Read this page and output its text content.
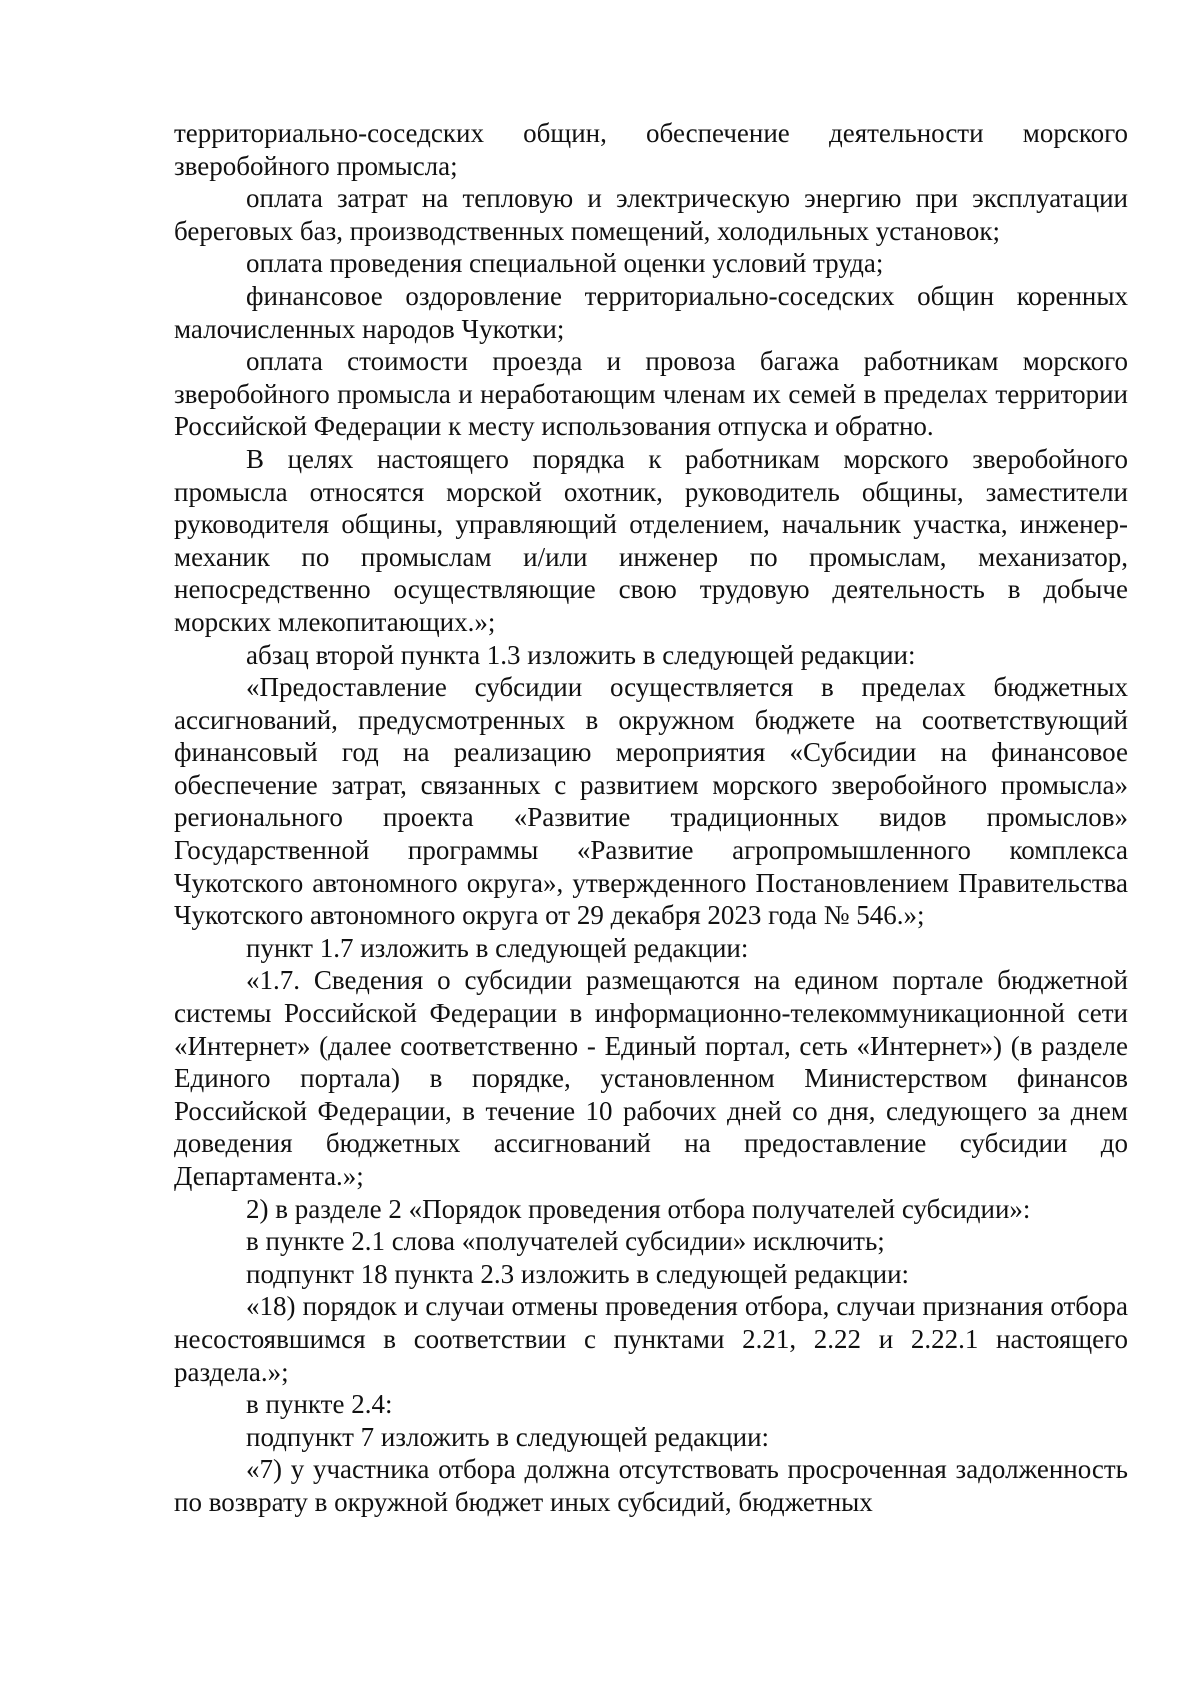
территориально-соседских общин, обеспечение деятельности морского зверобойного промысла;

оплата затрат на тепловую и электрическую энергию при эксплуатации береговых баз, производственных помещений, холодильных установок;

оплата проведения специальной оценки условий труда;

финансовое оздоровление территориально-соседских общин коренных малочисленных народов Чукотки;

оплата стоимости проезда и провоза багажа работникам морского зверобойного промысла и неработающим членам их семей в пределах территории Российской Федерации к месту использования отпуска и обратно.

В целях настоящего порядка к работникам морского зверобойного промысла относятся морской охотник, руководитель общины, заместители руководителя общины, управляющий отделением, начальник участка, инженер-механик по промыслам и/или инженер по промыслам, механизатор, непосредственно осуществляющие свою трудовую деятельность в добыче морских млекопитающих.»;

абзац второй пункта 1.3 изложить в следующей редакции:

«Предоставление субсидии осуществляется в пределах бюджетных ассигнований, предусмотренных в окружном бюджете на соответствующий финансовый год на реализацию мероприятия «Субсидии на финансовое обеспечение затрат, связанных с развитием морского зверобойного промысла» регионального проекта «Развитие традиционных видов промыслов» Государственной программы «Развитие агропромышленного комплекса Чукотского автономного округа», утвержденного Постановлением Правительства Чукотского автономного округа от 29 декабря 2023 года № 546.»;

пункт 1.7 изложить в следующей редакции:

«1.7. Сведения о субсидии размещаются на едином портале бюджетной системы Российской Федерации в информационно-телекоммуникационной сети «Интернет» (далее соответственно - Единый портал, сеть «Интернет») (в разделе Единого портала) в порядке, установленном Министерством финансов Российской Федерации, в течение 10 рабочих дней со дня, следующего за днем доведения бюджетных ассигнований на предоставление субсидии до Департамента.»;

2) в разделе 2 «Порядок проведения отбора получателей субсидии»:

в пункте 2.1 слова «получателей субсидии» исключить;

подпункт 18 пункта 2.3 изложить в следующей редакции:

«18) порядок и случаи отмены проведения отбора, случаи признания отбора несостоявшимся в соответствии с пунктами 2.21, 2.22 и 2.22.1 настоящего раздела.»;

в пункте 2.4:

подпункт 7 изложить в следующей редакции:

«7) у участника отбора должна отсутствовать просроченная задолженность по возврату в окружной бюджет иных субсидий, бюджетных
